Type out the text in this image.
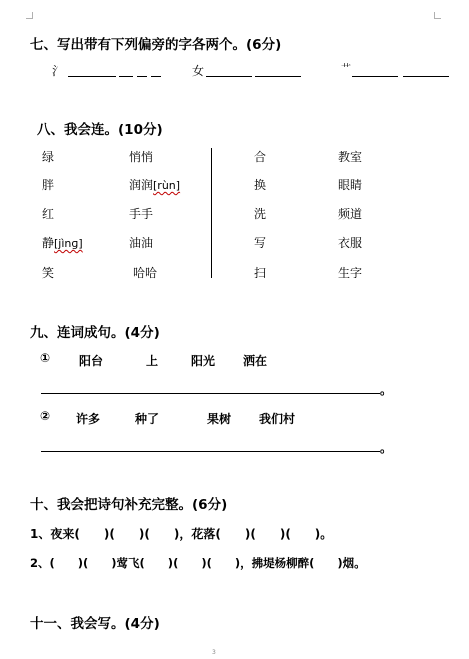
七、写出带有下列偏旁的字各两个。(6分)
氵	女	艹
八、我会连。(10分)
绿
胖
红
静[jìnɡ]
笑
悄悄
润润[rùn]
手手
油油
哈哈
合
换
洗
写
扫
教室
眼睛
频道
衣服
生字
九、连词成句。(4分)
① 阳台	上	阳光 洒在
。
② 许多	种了	果树 我们村
。
十、我会把诗句补充完整。(6分)
1、夜来(　　)(　　)(　　)，花落(　　)(　　)(　　)。
2、(　　)(　　)莺飞(　　)(　　)(　　)，拂堤杨柳醉(　　)烟。
十一、我会写。(4分)
3
